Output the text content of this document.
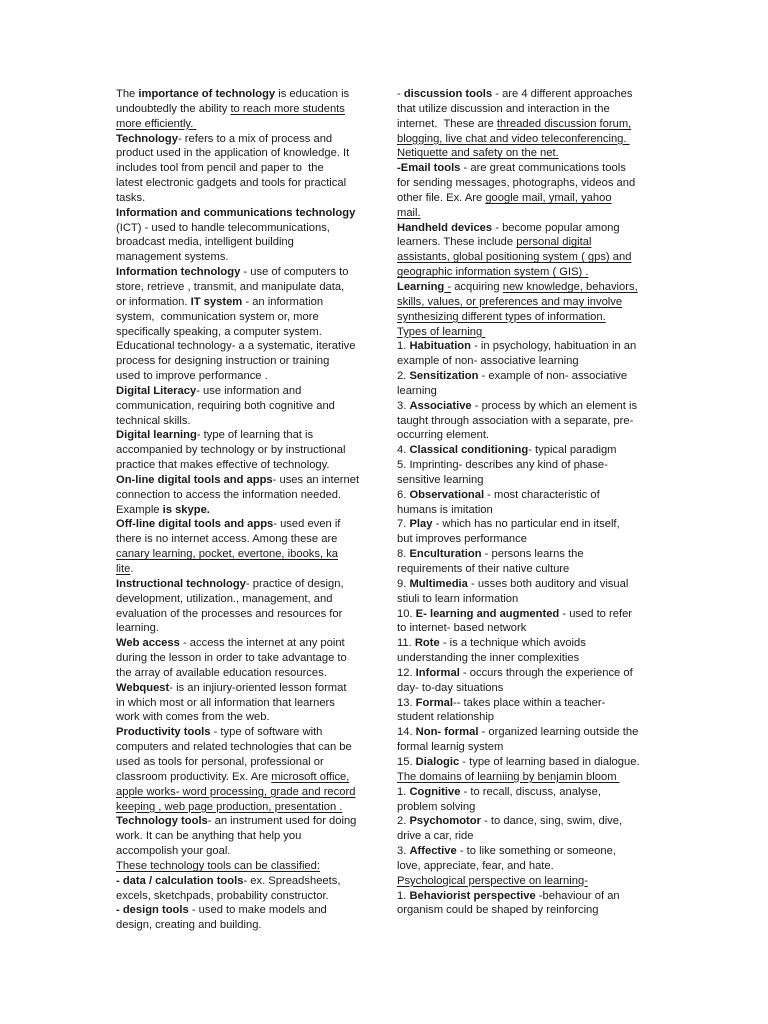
The importance of technology is education is
undoubtedly the ability to reach more students
more efficiently.
Technology- refers to a mix of process and
product used in the application of knowledge. It
includes tool from pencil and paper to  the
latest electronic gadgets and tools for practical
tasks.
Information and communications technology
(ICT) - used to handle telecommunications,
broadcast media, intelligent building
management systems.
Information technology - use of computers to
store, retrieve , transmit, and manipulate data,
or information. IT system - an information
system,  communication system or, more
specifically speaking, a computer system.
Educational technology- a a systematic, iterative
process for designing instruction or training
used to improve performance .
Digital Literacy- use information and
communication, requiring both cognitive and
technical skills.
Digital learning- type of learning that is
accompanied by technology or by instructional
practice that makes effective of technology.
On-line digital tools and apps- uses an internet
connection to access the information needed.
Example is skype.
Off-line digital tools and apps- used even if
there is no internet access. Among these are
canary learning, pocket, evertone, ibooks, ka
lite.
Instructional technology- practice of design,
development, utilization., management, and
evaluation of the processes and resources for
learning.
Web access - access the internet at any point
during the lesson in order to take advantage to
the array of available education resources.
Webquest- is an injiury-oriented lesson format
in which most or all information that learners
work with comes from the web.
Productivity tools - type of software with
computers and related technologies that can be
used as tools for personal, professional or
classroom productivity. Ex. Are microsoft office,
apple works- word processing, grade and record
keeping , web page production, presentation .
Technology tools- an instrument used for doing
work. It can be anything that help you
accompolish your goal.
These technology tools can be classified:
- data / calculation tools- ex. Spreadsheets,
excels, sketchpads, probability constructor.
- design tools - used to make models and
design, creating and building.
- discussion tools - are 4 different approaches
that utilize discussion and interaction in the
internet.  These are threaded discussion forum,
blogging, live chat and video teleconferencing.
Netiquette and safety on the net.
-Email tools - are great communications tools
for sending messages, photographs, videos and
other file. Ex. Are google mail, ymail, yahoo
mail.
Handheld devices - become popular among
learners. These include personal digital
assistants, global positioning system ( gps) and
geographic information system ( GIS) .
Learning - acquiring new knowledge, behaviors,
skills, values, or preferences and may involve
synthesizing different types of information.
Types of learning
1. Habituation - in psychology, habituation in an
example of non- associative learning
2. Sensitization - example of non- associative
learning
3. Associative - process by which an element is
taught through association with a separate, pre-
occurring element.
4. Classical conditioning- typical paradigm
5. Imprinting- describes any kind of phase-
sensitive learning
6. Observational - most characteristic of
humans is imitation
7. Play - which has no particular end in itself,
but improves performance
8. Enculturation - persons learns the
requirements of their native culture
9. Multimedia - usses both auditory and visual
stiuli to learn information
10. E- learning and augmented - used to refer
to internet- based network
11. Rote - is a technique which avoids
understanding the inner complexities
12. Informal - occurs through the experience of
day- to-day situations
13. Formal-- takes place within a teacher-
student relationship
14. Non- formal - organized learning outside the
formal learnig system
15. Dialogic - type of learning based in dialogue.
The domains of learniing by benjamin bloom
1. Cognitive - to recall, discuss, analyse,
problem solving
2. Psychomotor - to dance, sing, swim, dive,
drive a car, ride
3. Affective - to like something or someone,
love, appreciate, fear, and hate.
Psychological perspective on learning-
1. Behaviorist perspective -behaviour of an
organism could be shaped by reinforcing
